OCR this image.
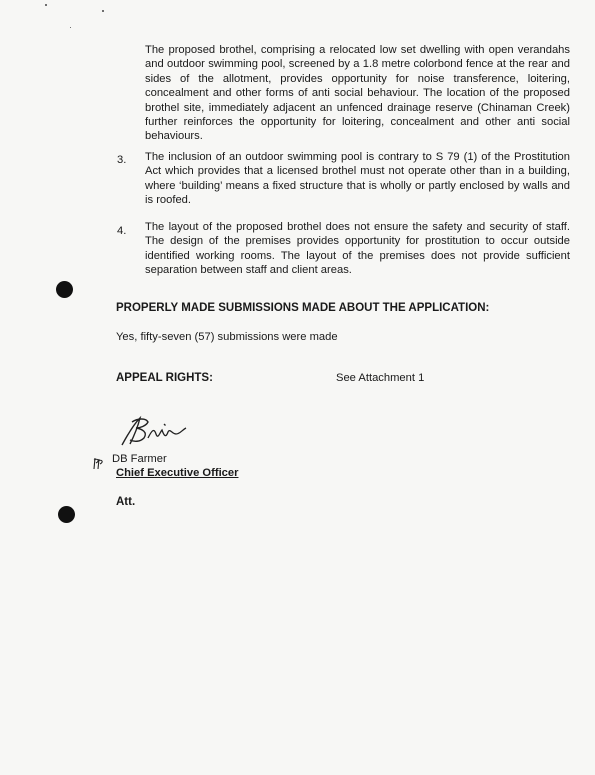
The proposed brothel, comprising a relocated low set dwelling with open verandahs and outdoor swimming pool, screened by a 1.8 metre colorbond fence at the rear and sides of the allotment, provides opportunity for noise transference, loitering, concealment and other forms of anti social behaviour. The location of the proposed brothel site, immediately adjacent an unfenced drainage reserve (Chinaman Creek) further reinforces the opportunity for loitering, concealment and other anti social behaviours.

3. The inclusion of an outdoor swimming pool is contrary to S 79 (1) of the Prostitution Act which provides that a licensed brothel must not operate other than in a building, where ‘building’ means a fixed structure that is wholly or partly enclosed by walls and is roofed.

4. The layout of the proposed brothel does not ensure the safety and security of staff. The design of the premises provides opportunity for prostitution to occur outside identified working rooms. The layout of the premises does not provide sufficient separation between staff and client areas.

PROPERLY MADE SUBMISSIONS MADE ABOUT THE APPLICATION:

Yes, fifty-seven (57) submissions were made

APPEAL RIGHTS:	See Attachment 1

DB Farmer

Chief Executive Officer

Att.
